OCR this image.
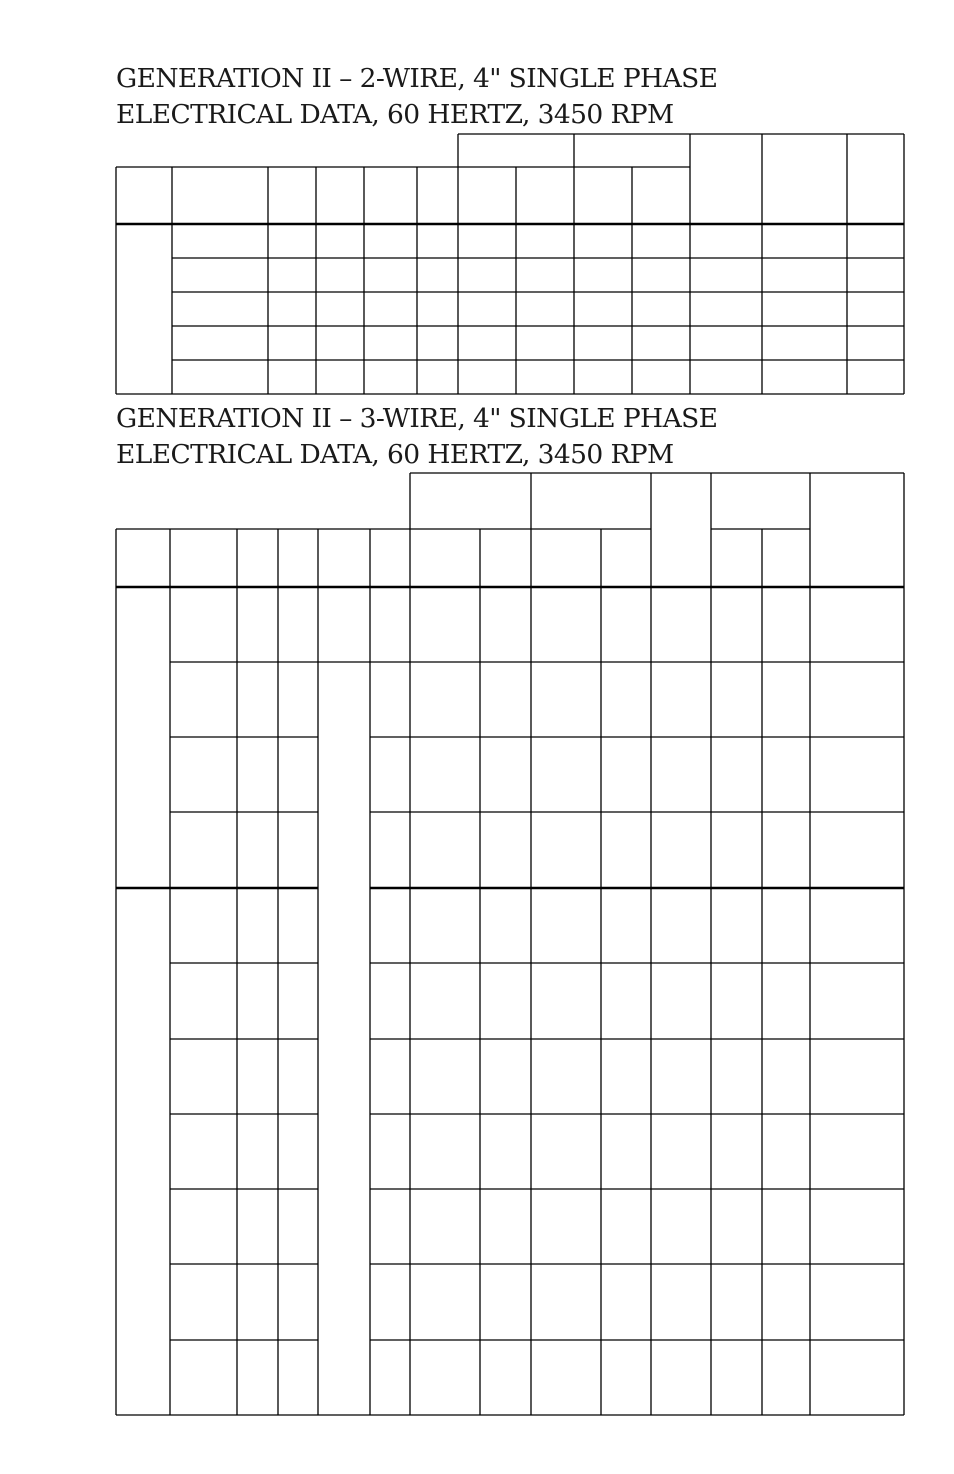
GENERATION II – 2-WIRE, 4" SINGLE PHASE
ELECTRICAL DATA, 60 HERTZ, 3450 RPM
GENERATION II – 3-WIRE, 4" SINGLE PHASE
ELECTRICAL DATA, 60 HERTZ, 3450 RPM
